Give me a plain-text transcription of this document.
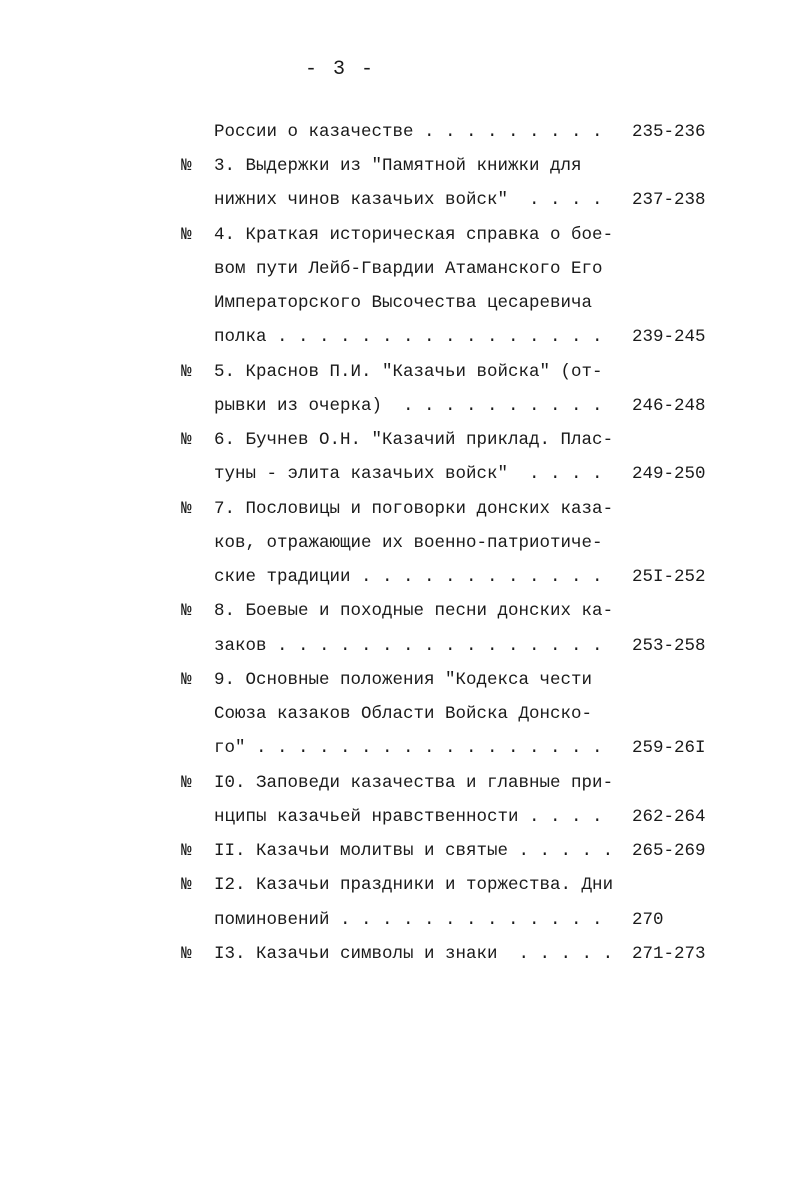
- 3 -
России о казачестве . . . . . . . . . 235-236
№ 3. Выдержки из "Памятной книжки для
нижних чинов казачьих войск"  . . . . 237-238
№ 4. Краткая историческая справка о бое-
вом пути Лейб-Гвардии Атаманского Его
Императорского Высочества цесаревича
полка . . . . . . . . . . . . . . . . 239-245
№ 5. Краснов П.И. "Казачьи войска" (от-
рывки из очерка)  . . . . . . . . . . 246-248
№ 6. Бучнев О.Н. "Казачий приклад. Плас-
туны - элита казачьих войск"  . . . . 249-250
№ 7. Пословицы и поговорки донских каза-
ков, отражающие их военно-патриотиче-
ские традиции . . . . . . . . . . . . 25I-252
№ 8. Боевые и походные песни донских ка-
заков . . . . . . . . . . . . . . . . 253-258
№ 9. Основные положения "Кодекса чести
Союза казаков Области Войска Донско-
го" . . . . . . . . . . . . . . . . . 259-26I
№ I0. Заповеди казачества и главные при-
нципы казачьей нравственности . . . . 262-264
№ II. Казачьи молитвы и святые . . . . . 265-269
№ I2. Казачьи праздники и торжества. Дни
поминовений . . . . . . . . . . . . . 270
№ I3. Казачьи символы и знаки  . . . . . 271-273
